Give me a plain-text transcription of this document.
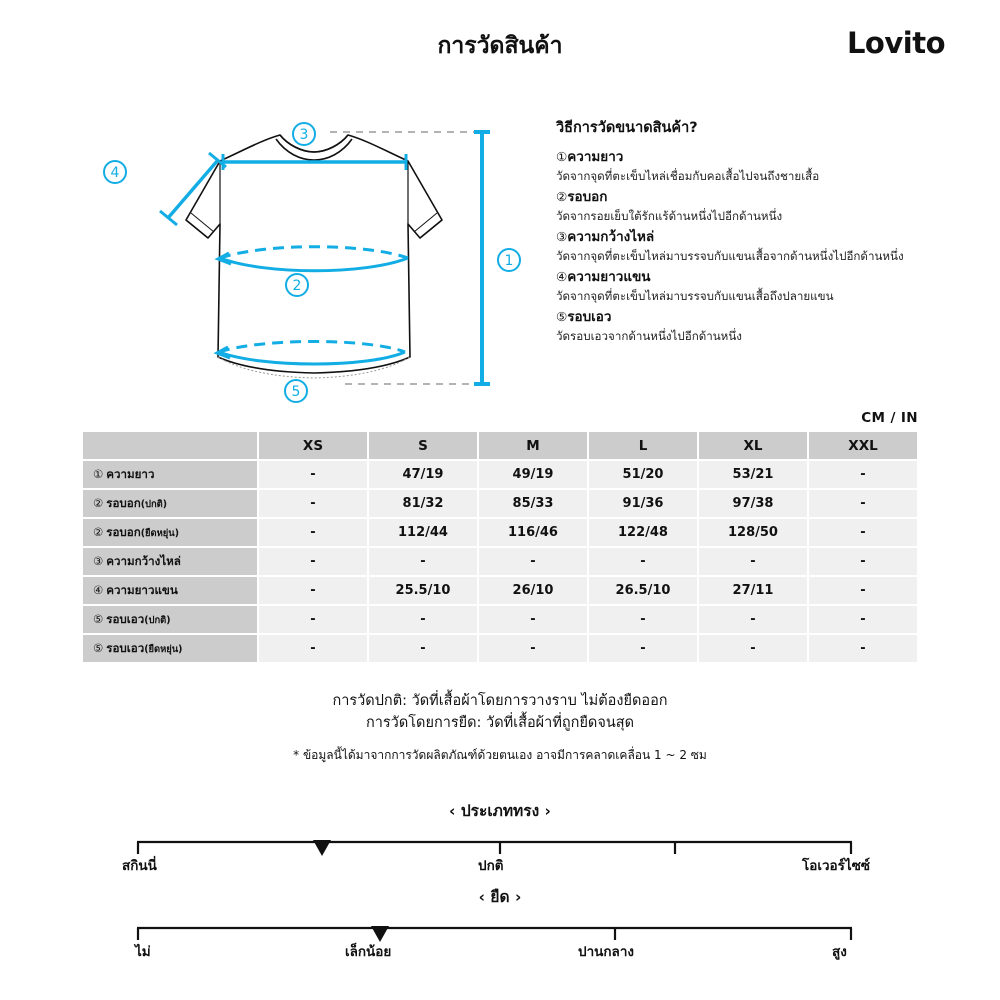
การวัดสินค้า	Lovito
1
2
3
4
5
วิธีการวัดขนาดสินค้า?
①ความยาว
วัดจากจุดที่ตะเข็บไหล่เชื่อมกับคอเสื้อไปจนถึงชายเสื้อ
②รอบอก
วัดจากรอยเย็บใต้รักแร้ด้านหนึ่งไปอีกด้านหนึ่ง
③ความกว้างไหล่
วัดจากจุดที่ตะเข็บไหล่มาบรรจบกับแขนเสื้อจากด้านหนึ่งไปอีกด้านหนึ่ง
④ความยาวแขน
วัดจากจุดที่ตะเข็บไหล่มาบรรจบกับแขนเสื้อถึงปลายแขน
⑤รอบเอว
วัดรอบเอวจากด้านหนึ่งไปอีกด้านหนึ่ง
CM / IN
	XS	S	M	L	XL	XXL
① ความยาว	-	47/19	49/19	51/20	53/21	-
② รอบอก(ปกติ)	-	81/32	85/33	91/36	97/38	-
② รอบอก(ยืดหยุ่น)	-	112/44	116/46	122/48	128/50	-
③ ความกว้างไหล่	-	-	-	-	-	-
④ ความยาวแขน	-	25.5/10	26/10	26.5/10	27/11	-
⑤ รอบเอว(ปกติ)	-	-	-	-	-	-
⑤ รอบเอว(ยืดหยุ่น)	-	-	-	-	-	-
การวัดปกติ: วัดที่เสื้อผ้าโดยการวางราบ ไม่ต้องยืดออก
การวัดโดยการยืด: วัดที่เสื้อผ้าที่ถูกยืดจนสุด
* ข้อมูลนี้ได้มาจากการวัดผลิตภัณฑ์ด้วยตนเอง อาจมีการคลาดเคลื่อน 1 ~ 2 ซม
‹ ประเภททรง ›
สกินนี่	ปกติ	โอเวอร์ไซซ์
‹ ยืด ›
ไม่	เล็กน้อย	ปานกลาง	สูง
